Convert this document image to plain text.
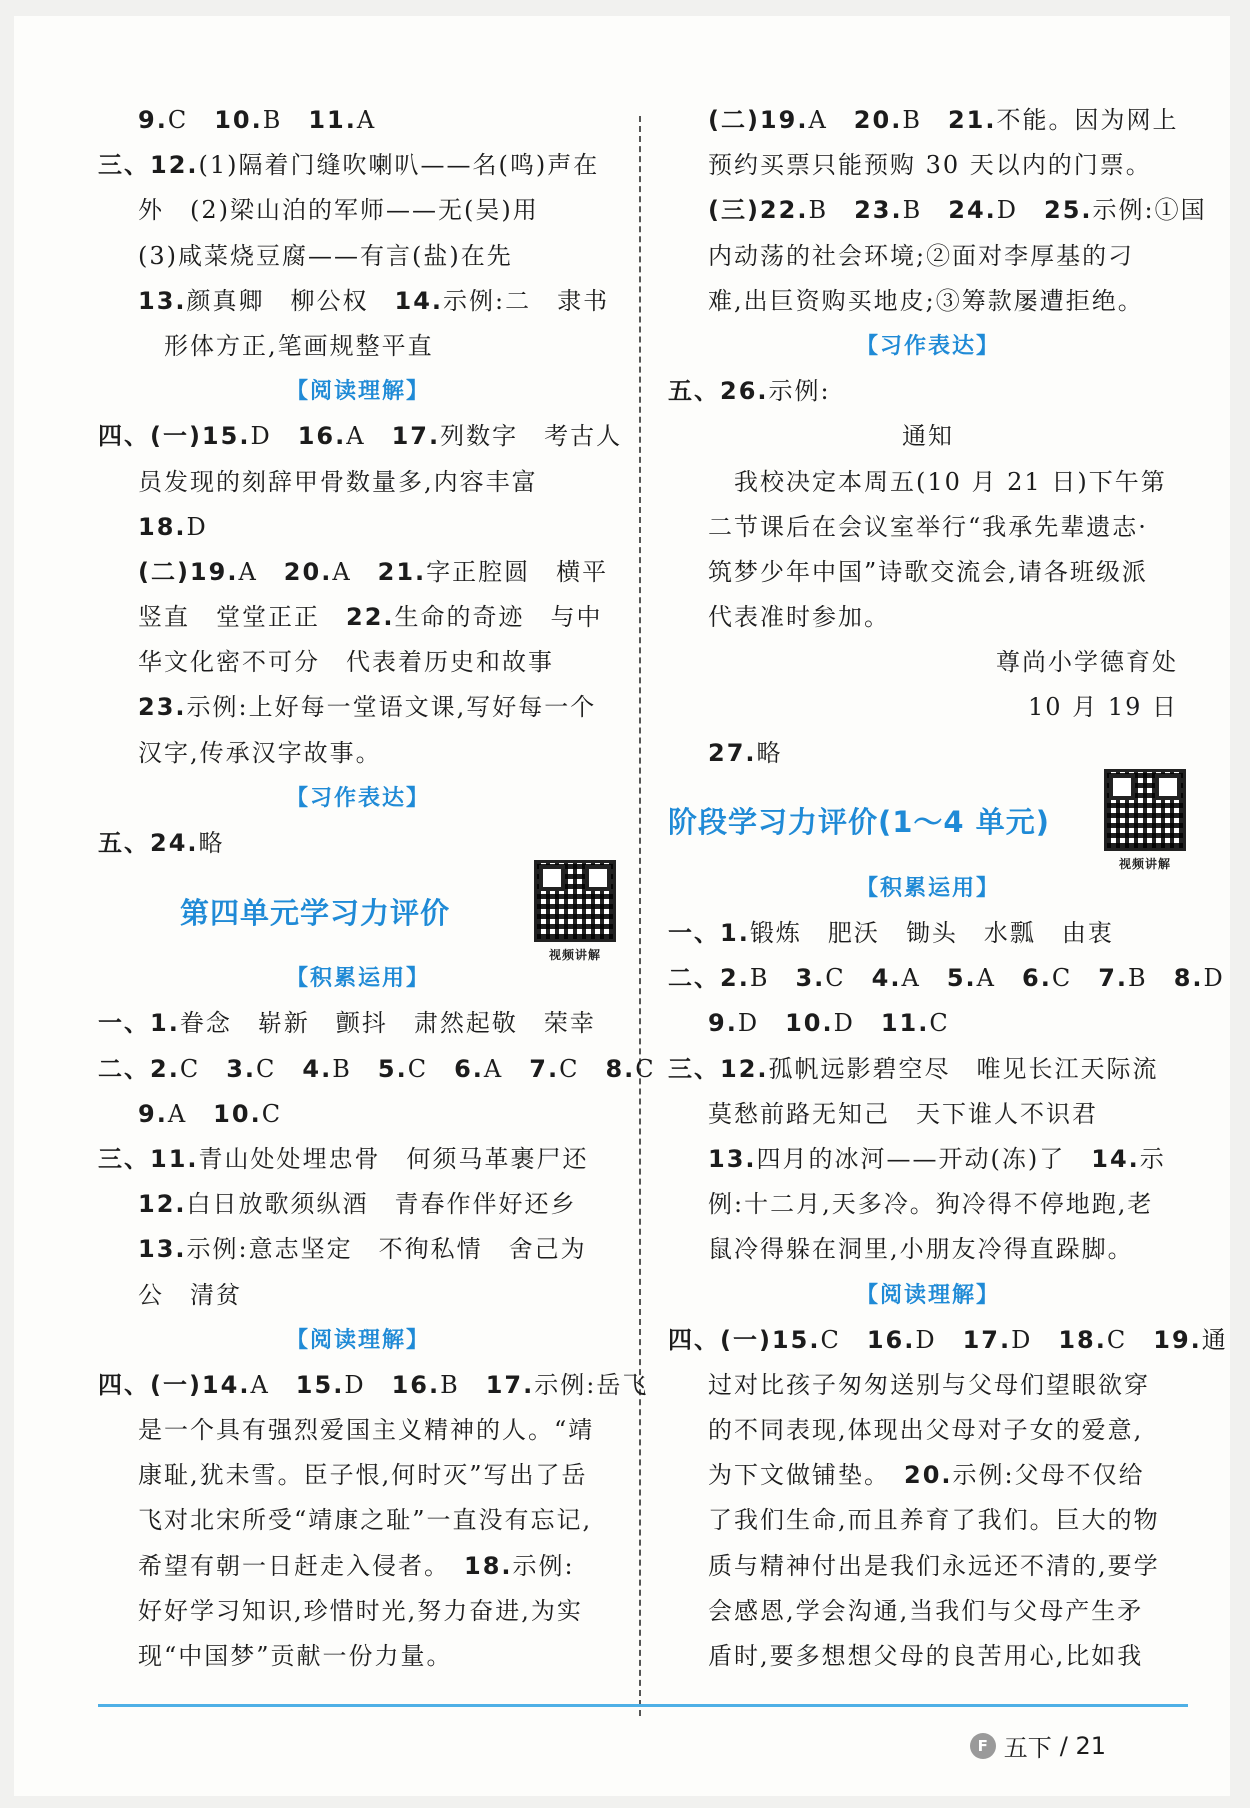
9.C　10.B　11.A
三、12.(1)隔着门缝吹喇叭——名(鸣)声在
外　(2)梁山泊的军师——无(吴)用
(3)咸菜烧豆腐——有言(盐)在先
13.颜真卿　柳公权　14.示例:二　隶书
形体方正,笔画规整平直
【阅读理解】
四、(一)15.D　16.A　17.列数字　考古人
员发现的刻辞甲骨数量多,内容丰富
18.D
(二)19.A　20.A　21.字正腔圆　横平
竖直　堂堂正正　22.生命的奇迹　与中
华文化密不可分　代表着历史和故事
23.示例:上好每一堂语文课,写好每一个
汉字,传承汉字故事。
【习作表达】
五、24.略
第四单元学习力评价
视频讲解
【积累运用】
一、1.眷念　崭新　颤抖　肃然起敬　荣幸
二、2.C　3.C　4.B　5.C　6.A　7.C　8.C
9.A　10.C
三、11.青山处处埋忠骨　何须马革裹尸还
12.白日放歌须纵酒　青春作伴好还乡
13.示例:意志坚定　不徇私情　舍己为
公　清贫
【阅读理解】
四、(一)14.A　15.D　16.B　17.示例:岳飞
是一个具有强烈爱国主义精神的人。“靖
康耻,犹未雪。臣子恨,何时灭”写出了岳
飞对北宋所受“靖康之耻”一直没有忘记,
希望有朝一日赶走入侵者。　18.示例:
好好学习知识,珍惜时光,努力奋进,为实
现“中国梦”贡献一份力量。
(二)19.A　20.B　21.不能。因为网上
预约买票只能预购 30 天以内的门票。
(三)22.B　23.B　24.D　25.示例:①国
内动荡的社会环境;②面对李厚基的刁
难,出巨资购买地皮;③筹款屡遭拒绝。
【习作表达】
五、26.示例:
通知
　我校决定本周五(10 月 21 日)下午第
二节课后在会议室举行“我承先辈遗志·
筑梦少年中国”诗歌交流会,请各班级派
代表准时参加。
尊尚小学德育处
10 月 19 日
27.略
阶段学习力评价(1～4 单元)
视频讲解
【积累运用】
一、1.锻炼　肥沃　锄头　水瓢　由衷
二、2.B　3.C　4.A　5.A　6.C　7.B　8.D
9.D　10.D　11.C
三、12.孤帆远影碧空尽　唯见长江天际流
莫愁前路无知己　天下谁人不识君
13.四月的冰河——开动(冻)了　14.示
例:十二月,天多冷。狗冷得不停地跑,老
鼠冷得躲在洞里,小朋友冷得直跺脚。
【阅读理解】
四、(一)15.C　16.D　17.D　18.C　19.通
过对比孩子匆匆送别与父母们望眼欲穿
的不同表现,体现出父母对子女的爱意,
为下文做铺垫。　20.示例:父母不仅给
了我们生命,而且养育了我们。巨大的物
质与精神付出是我们永远还不清的,要学
会感恩,学会沟通,当我们与父母产生矛
盾时,要多想想父母的良苦用心,比如我
F 五下 / 21
